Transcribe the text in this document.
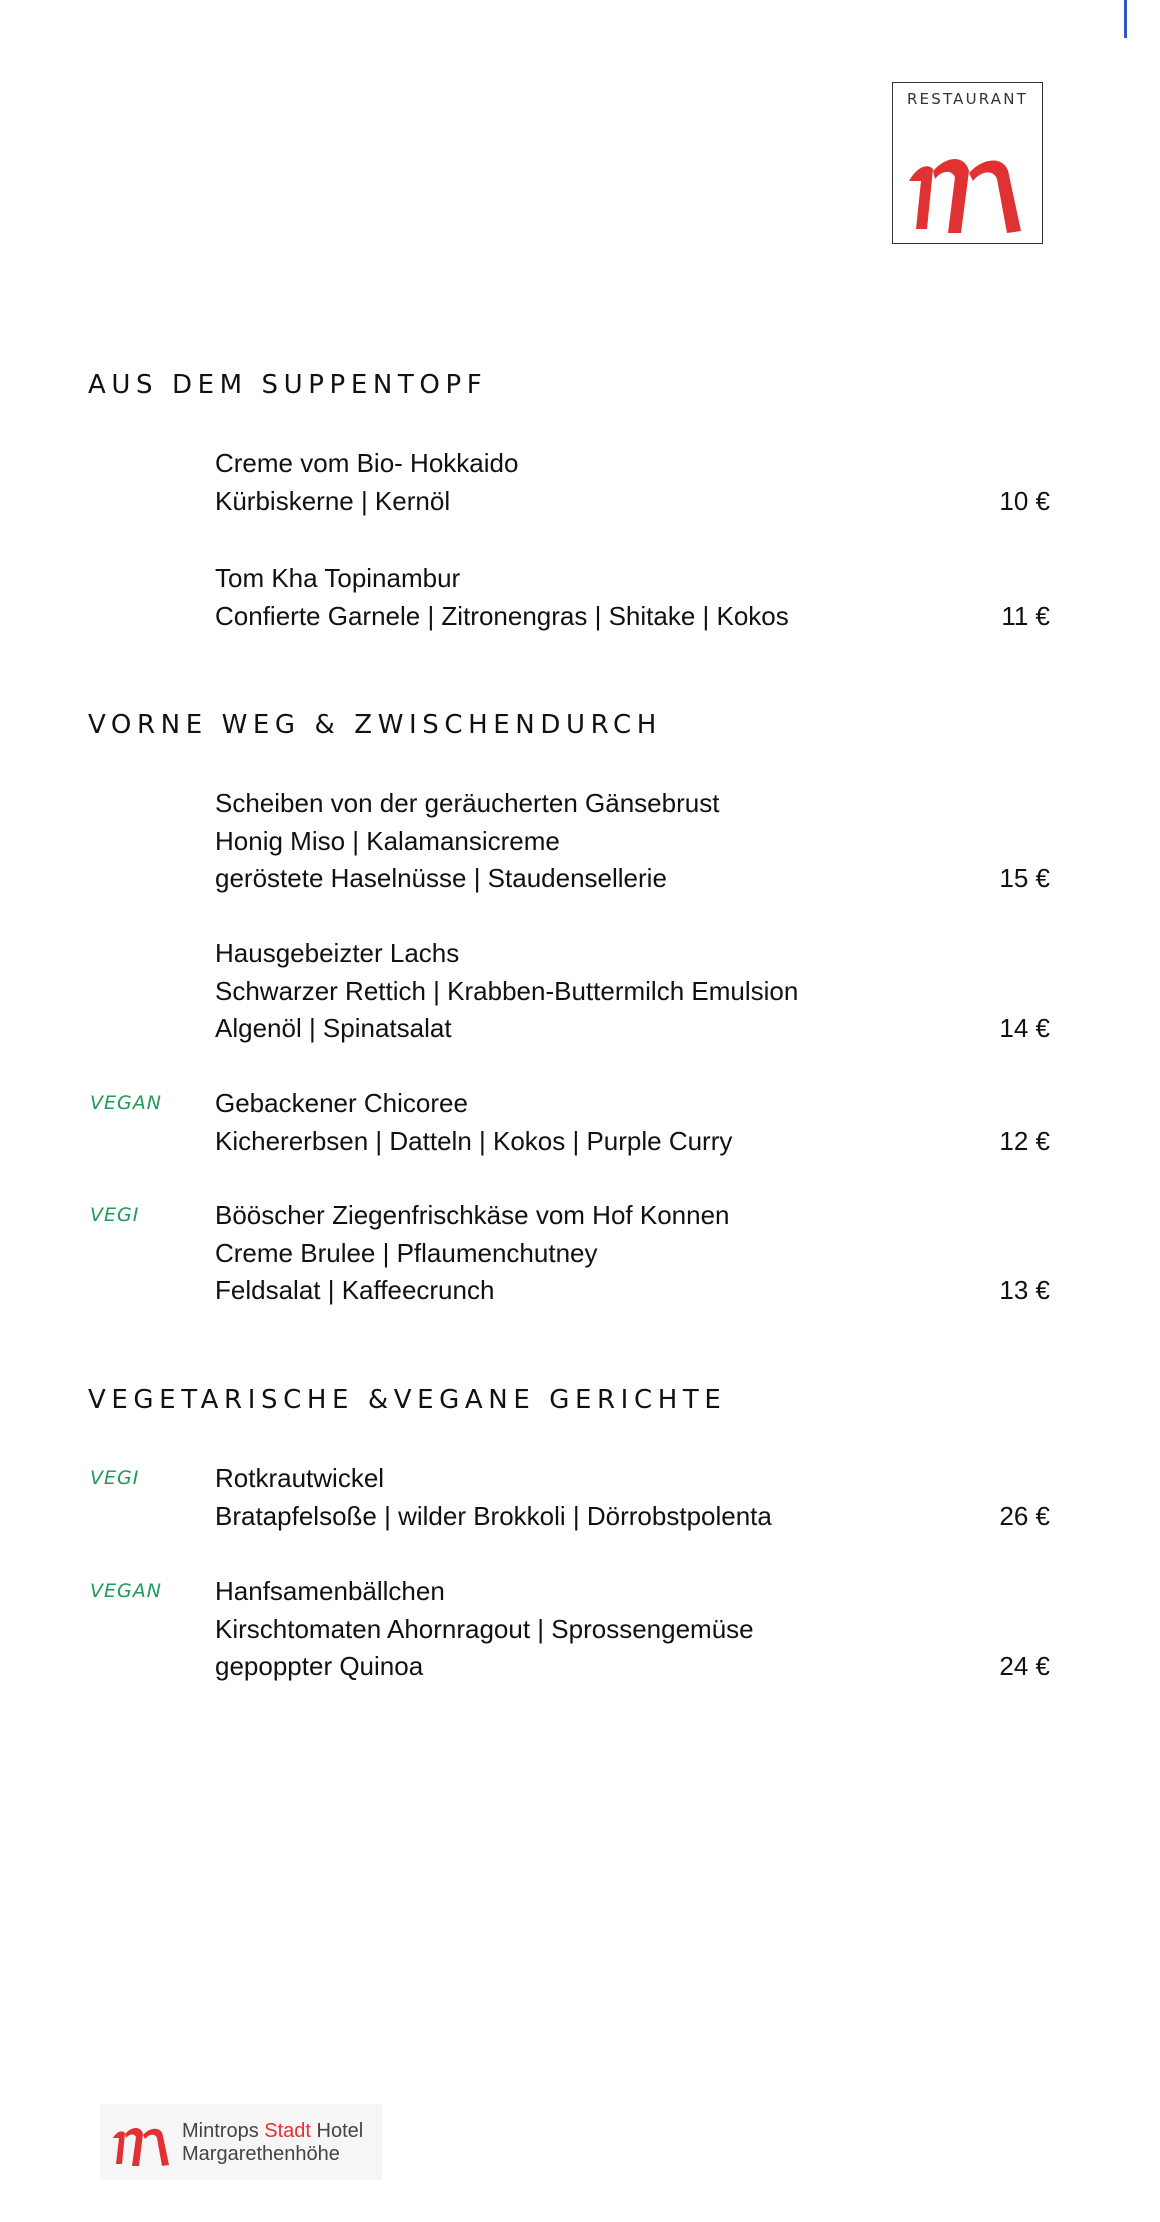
RESTAURANT
AUS DEM SUPPENTOPF
Creme vom Bio- Hokkaido
Kürbiskerne | Kernöl	10 €
Tom Kha Topinambur
Confierte Garnele | Zitronengras | Shitake | Kokos	11 €
VORNE WEG & ZWISCHENDURCH
Scheiben von der geräucherten Gänsebrust
Honig Miso | Kalamansicreme
geröstete Haselnüsse | Staudensellerie	15 €
Hausgebeizter Lachs
Schwarzer Rettich | Krabben-Buttermilch Emulsion
Algenöl | Spinatsalat	14 €
VEGAN Gebackener Chicoree
Kichererbsen | Datteln | Kokos | Purple Curry	12 €
VEGI	Bööscher Ziegenfrischkäse vom Hof Konnen
Creme Brulee | Pflaumenchutney
Feldsalat | Kaffeecrunch	13 €
VEGETARISCHE &VEGANE GERICHTE
VEGI	Rotkrautwickel
Bratapfelsoße | wilder Brokkoli | Dörrobstpolenta	26 €
VEGAN Hanfsamenbällchen
Kirschtomaten Ahornragout | Sprossengemüse
gepoppter Quinoa	24 €
Mintrops Stadt Hotel
Margarethenhöhe
